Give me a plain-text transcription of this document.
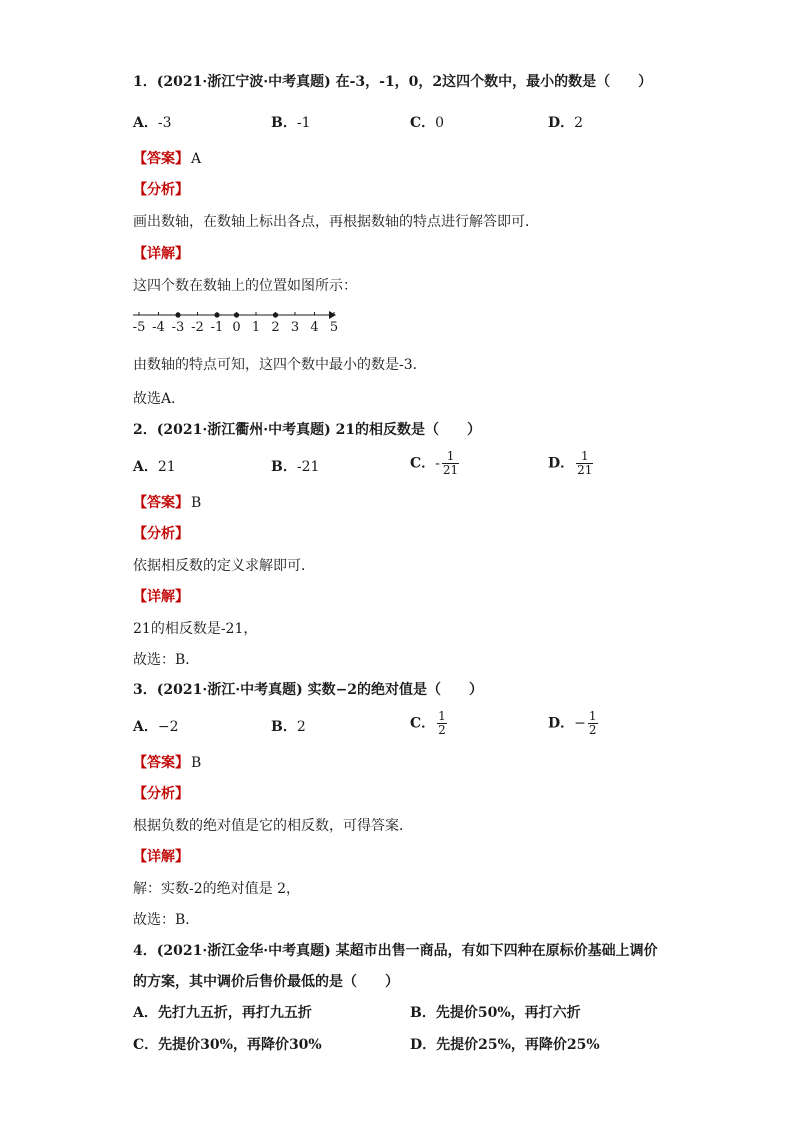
1．(2021·浙江宁波·中考真题) 在-3，-1，0，2这四个数中，最小的数是（　　）
A．-3	B．-1	C．0	D．2
【答案】 A
【分析】
画出数轴，在数轴上标出各点，再根据数轴的特点进行解答即可．
【详解】
这四个数在数轴上的位置如图所示：
-5 -4 -3 -2 -1 0 1 2 3 4 5
由数轴的特点可知，这四个数中最小的数是-3．
故选A．
2．(2021·浙江衢州·中考真题) 21的相反数是（　　）
A．21	B．-21	C．- $\frac{1}{21}$	D． $\frac{1}{21}$
【答案】 B
【分析】
依据相反数的定义求解即可．
【详解】
21的相反数是-21，
故选：B．
3．(2021·浙江·中考真题) 实数−2的绝对值是（　　）
A．−2	B．2	C． $\frac{1}{2}$	D．− $\frac{1}{2}$
【答案】 B
【分析】
根据负数的绝对值是它的相反数，可得答案．
【详解】
解：实数-2的绝对值是 2，
故选：B．
4．(2021·浙江金华·中考真题) 某超市出售一商品，有如下四种在原标价基础上调价
的方案，其中调价后售价最低的是（　　）
A．先打九五折，再打九五折	B．先提价50%，再打六折
C．先提价30%，再降价30%	D．先提价25%，再降价25%
